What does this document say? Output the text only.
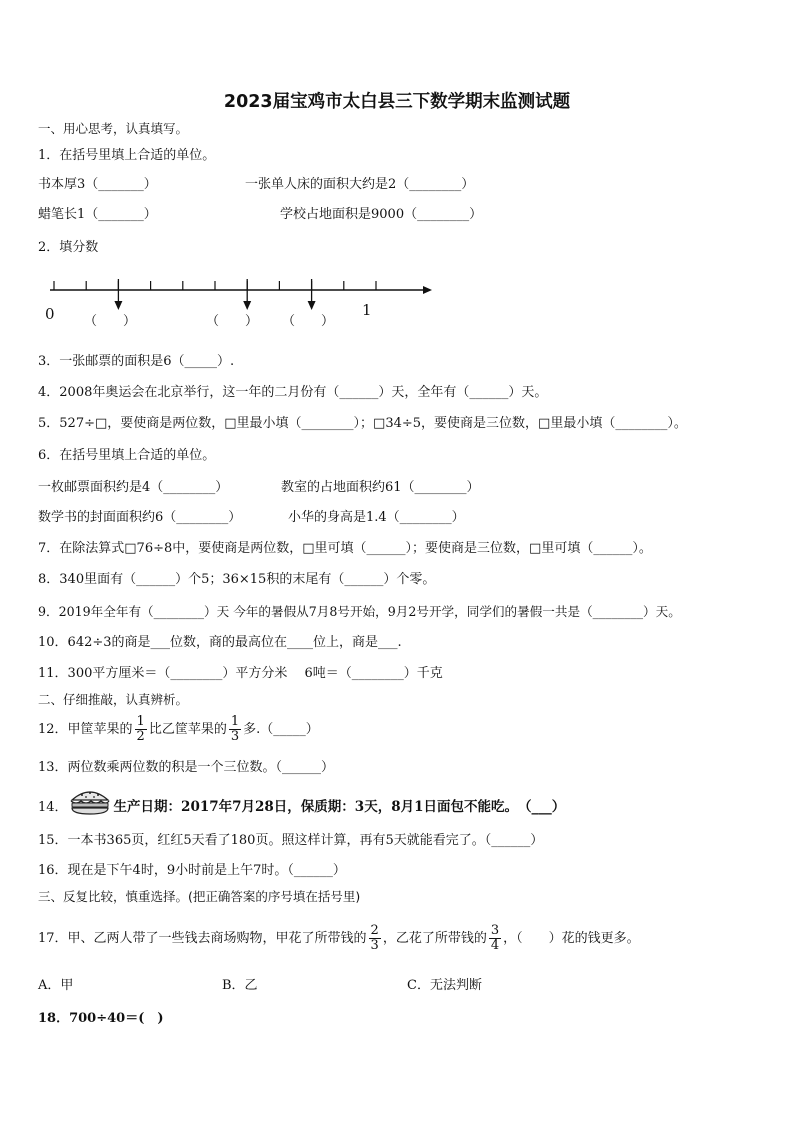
2023届宝鸡市太白县三下数学期末监测试题
一、用心思考，认真填写。
1．在括号里填上合适的单位。
书本厚3（_______）	一张单人床的面积大约是2（________）
蜡笔长1（_______）	学校占地面积是9000（________）
2．填分数
0	1
（　　）	（　　） （　　）
3．一张邮票的面积是6（_____）.
4．2008年奥运会在北京举行，这一年的二月份有（______）天，全年有（______）天。
5．527÷□，要使商是两位数，□里最小填（________）；□34÷5，要使商是三位数，□里最小填（________）。
6．在括号里填上合适的单位。
一枚邮票面积约是4（________）	教室的占地面积约61（________）
数学书的封面面积约6（________）	小华的身高是1.4（________）
7．在除法算式□76÷8中，要使商是两位数，□里可填（______）；要使商是三位数，□里可填（______）。
8．340里面有（______）个5；36×15积的末尾有（______）个零。
9．2019年全年有（________）天 今年的暑假从7月8号开始，9月2号开学，同学们的暑假一共是（________）天。
10．642÷3的商是___位数，商的最高位在____位上，商是___.
11．300平方厘米＝（________）平方分米　 6吨＝（________）千克
二、仔细推敲，认真辨析。
12．甲筐苹果的 $\frac{1}{2}$ 比乙筐苹果的 $\frac{1}{3}$ 多.（_____）
13．两位数乘两位数的积是一个三位数。（______）
14．	生产日期：2017年7月28日，保质期：3天，8月1日面包不能吃。　（___）
15．一本书365页，红红5天看了180页。照这样计算，再有5天就能看完了。（______）
16．现在是下午4时，9小时前是上午7时。（______）
三、反复比较，慎重选择。(把正确答案的序号填在括号里)
17．甲、乙两人带了一些钱去商场购物，甲花了所带钱的 $\frac{2}{3}$ ，乙花了所带钱的 $\frac{3}{4}$ ，（　　）花的钱更多。
A．甲	B．乙	C．无法判断
18．700÷40＝(　)
